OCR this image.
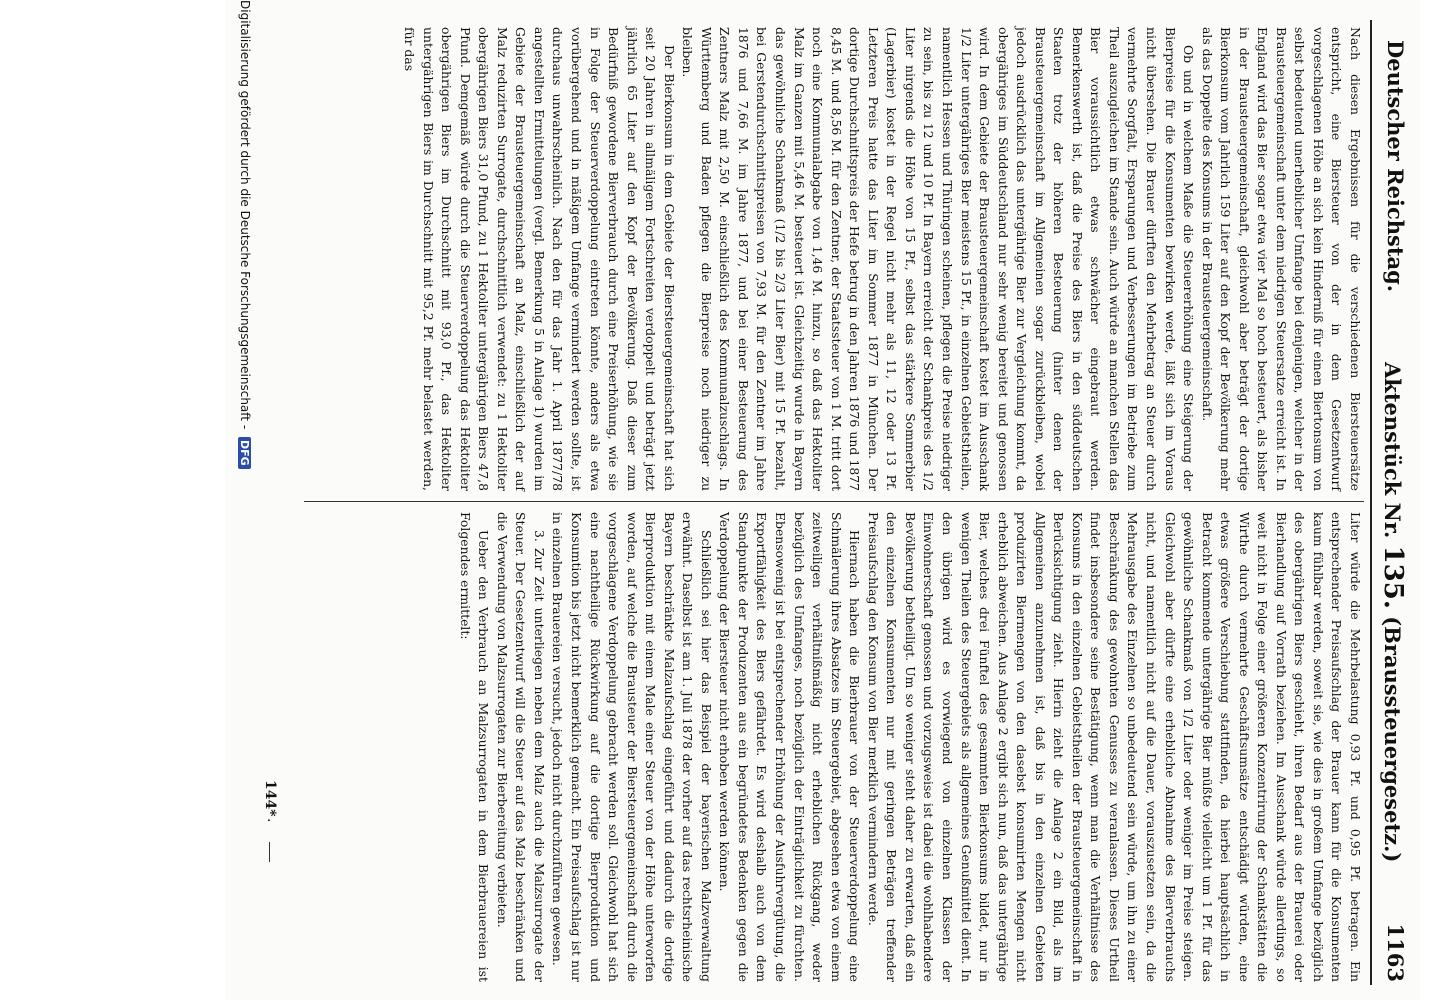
Deutscher Reichstag.
Aktenstück Nr. 135. (Braussteuergesetz.)
1163

Nach diesen Ergebnissen für die verschiedenen Biersteuersätze entspricht, eine Biersteuer von der in dem Gesetzentwurf vorgeschlagenen Höhe an sich kein Hinderniß für einen Biertonsum von selbst bedeutend unerheblicher Umfange bei denjenigen, welcher in der Brausteuergemeinschaft unter dem niedrigen Steuersatze erreicht ist. In England wird das Bier sogar etwa vier Mal so hoch besteuert, als bisher in der Brausteuergemeinschaft, gleichwohl aber beträgt der dortige Bierkonsum vom Jahrlich 159 Liter auf den Kopf der Bevölkerung mehr als das Doppelte des Konsums in der Brausteuergemeinschaft.

Ob und in welchem Maße die Steuererhöhung eine Steigerung der Bierpreise für die Konsumenten bewirken werde, läßt sich im Voraus nicht übersehen. Die Brauer dürften den Mehrbetrag an Steuer durch vermehrte Sorgfalt, Ersparungen und Verbesserungen im Betriebe zum Theil auszugleichen im Stande sein. Auch würde an manchen Stellen das Bier voraussichtlich etwas schwächer eingebraut werden. Bemerkenswerth ist, daß die Preise des Biers in den süddeutschen Staaten trotz der höheren Besteuerung (hinter denen der Brausteuergemeinschaft im Allgemeinen sogar zurückbleiben, wobei jedoch ausdrücklich das untergährige Bier zur Vergleichung kommt, da obergähriges im Süddeutschland nur sehr wenig bereitet und genossen wird. In dem Gebiete der Brausteuergemeinschaft kostet im Ausschank 1/2 Liter untergähriges Bier meistens 15 Pf., in einzelnen Gebietstheilen, namentlich Hessen und Thüringen scheinen, pflegen die Preise niedriger zu sein, bis zu 12 und 10 Pf. In Bayern erreicht der Schankpreis des 1/2 Liter nirgends die Höhe von 15 Pf., selbst das stärkere Sommerbier (Lagerbier) kostet in der Regel nicht mehr als 11, 12 oder 13 Pf. Letzteren Preis hatte das Liter im Sommer 1877 in München. Der dortige Durchschnittspreis der Hefe betrug in den Jahren 1876 und 1877 8,45 M. und 8,56 M. für den Zentner, der Staatssteuer von 1 M. tritt dort noch eine Kommunalabgabe von 1,46 M. hinzu, so daß das Hektoliter Malz im Ganzen mit 5,46 M. besteuert ist. Gleichzeitig wurde in Bayern das gewöhnliche Schankmaß (1/2 bis 2/3 Liter Bier) mit 15 Pf. bezahlt, bei Gerstendurchschnittspreisen von 7,93 M. für den Zentner im Jahre 1876 und 7,66 M. im Jahre 1877, und bei einer Besteuerung des Zentners Malz mit 2,50 M. einschließlich des Kommunalzuschlags. In Württemberg und Baden pflegen die Bierpreise noch niedriger zu bleiben.

Der Bierkonsum in dem Gebiete der Biersteuergemeinschaft hat sich seit 20 Jahren in allmäligem Fortschreiten verdoppelt und beträgt jetzt jährlich 65 Liter auf den Kopf der Bevölkerung. Daß dieser zum Bedürfniß gewordene Bierverbrauch durch eine Preiserhöhung, wie sie in Folge der Steuerverdoppelung eintreten könnte, anders als etwa vorübergehend und in mäßigem Umfange vermindert werden sollte, ist durchaus unwahrscheinlich. Nach den für das Jahr 1. April 1877/78 angestellten Ermittelungen (vergl. Bemerkung 5 in Anlage 1) wurden im Gebiete der Brausteuergemeinschaft an Malz, einschließlich der auf Malz reduzirten Surrogate, durchschnittlich verwendet: zu 1 Hektoliter obergährigen Biers 31,0 Pfund, zu 1 Hektoliter untergährigen Biers 47,8 Pfund. Demgemäß würde durch die Steuerverdoppelung das Hektoliter obergährigen Biers im Durchschnitt mit 93,0 Pf., das Hektoliter untergährigen Biers im Durchschnitt mit 95,2 Pf. mehr belastet werden, für das

Liter würde die Mehrbelastung 0,93 Pf. und 0,95 Pf. betragen. Ein entsprechender Preisaufschlag der Brauer kann für die Konsumenten kaum fühlbar werden, soweit sie, wie dies in großem Umfange bezüglich des obergährigen Biers geschieht, ihren Bedarf aus der Brauerei oder Bierhandlung auf Vorrath beziehen. Im Ausschank würde allerdings, so weit nicht in Folge einer größeren Konzentrirung der Schankstätten die Wirthe durch vermehrte Geschäftsumsätze entschädigt würden, eine etwas größere Verschiebung stattfinden, da hierbei hauptsächlich in Betracht kommende untergährige Bier müßte vielleicht um 1 Pf. für das gewöhnliche Schankmaß von 1/2 Liter oder weniger im Preise steigen. Gleichwohl aber dürfte eine erhebliche Abnahme des Bierverbrauchs nicht, und namentlich nicht auf die Dauer, vorauszusetzen sein, da die Mehrausgabe des Einzelnen so unbedeutend sein würde, um ihn zu einer Beschränkung des gewohnten Genusses zu veranlassen. Dieses Urtheil findet insbesondere seine Bestätigung, wenn man die Verhältnisse des Konsums in den einzelnen Gebietstheilen der Brausteuergemeinschaft in Berücksichtigung zieht. Hierin zieht die Anlage 2 ein Bild, als im Allgemeinen anzunehmen ist, daß bis in den einzelnen Gebieten produzirten Biermengen von den dasebst konsumirten Mengen nicht erheblich abweichen. Aus Anlage 2 ergibt sich nun, daß das untergährige Bier, welches drei Fünftel des gesammten Bierkonsums bildet, nur in wenigen Theilen des Steuergebiets als allgemeines Genußmittel dient. In den übrigen wird es vorwiegend von einzelnen Klassen der Einwohnerschaft genossen und vorzugsweise ist dabei die wohlhabendere Bevölkerung betheiligt. Um so weniger steht daher zu erwarten, daß ein den einzelnen Konsumenten nur mit geringen Beträgen treffender Preisaufschlag den Konsum von Bier merklich vermindern werde.

Hiernach haben die Bierbrauer von der Steuerverdoppelung eine Schmälerung ihres Absatzes im Steuergebiet, abgesehen etwa von einem zeitweiligen verhältnißmäßig nicht erheblichen Rückgang, weder bezüglich des Umfanges, noch bezüglich der Einträglichkeit zu fürchten. Ebensowenig ist bei entsprechender Erhöhung der Ausfuhrvergütung, die Exportfähigkeit des Biers gefährdet. Es wird deshalb auch von dem Standpunkte der Produzenten aus ein begründetes Bedenken gegen die Verdoppelung der Biersteuer nicht erhoben werden können.

Schließlich sei hier das Beispiel der bayerischen Malzverwaltung erwähnt. Daselbst ist am 1. Juli 1878 der vorher auf das rechtsrheinische Bayern beschränkte Malzaufschlag eingeführt und dadurch die dortige Bierproduktion mit einem Male einer Steuer von der Höhe unterworfen worden, auf welche die Brausteuer der Biersteuergemeinschaft durch die vorgeschlagene Verdoppelung gebracht werden soll. Gleichwohl hat sich eine nachtheilige Rückwirkung auf die dortige Bierproduktion und Konsumtion bis jetzt nicht bemerklich gemacht. Ein Preisaufschlag ist nur in einzelnen Brauereien versucht, jedoch nicht durchzuführen gewesen.

3. Zur Zeit unterliegen neben dem Malz auch die Malzsurrogate der Steuer. Der Gesetzentwurf will die Steuer auf das Malz beschränken und die Verwendung von Malzsurrogaten zur Bierbereitung verbieten.

Ueber den Verbrauch an Malzsurrogaten in dem Bierbrauereien ist Folgendes ermittelt:

144*
·
Digitalisierung gefördert durch die Deutsche Forschungsgemeinschaft - DFG
